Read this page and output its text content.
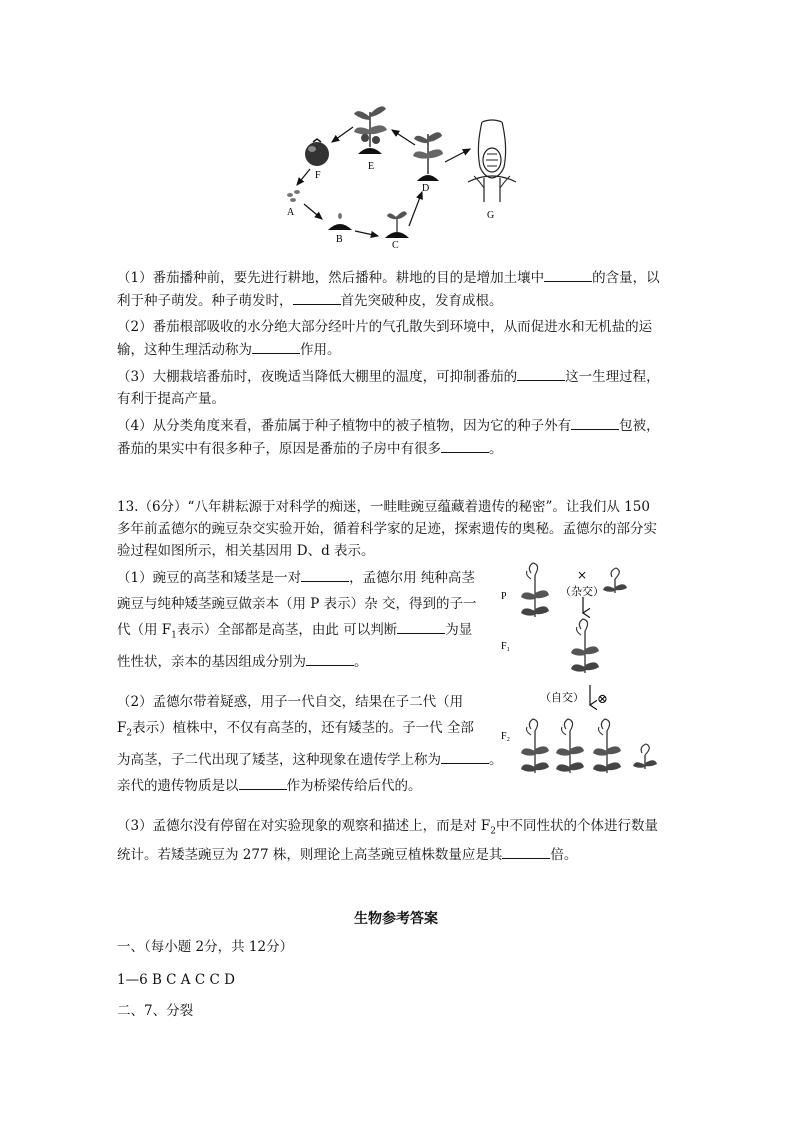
F
E
D
A
B
C
G
（1）番茄播种前，要先进行耕地，然后播种。耕地的目的是增加土壤中	的含量，以
利于种子萌发。种子萌发时，	首先突破种皮，发育成根。
（2）番茄根部吸收的水分绝大部分经叶片的气孔散失到环境中，从而促进水和无机盐的运
输，这种生理活动称为	作用。
（3）大棚栽培番茄时，夜晚适当降低大棚里的温度，可抑制番茄的	这一生理过程，
有利于提高产量。
（4）从分类角度来看，番茄属于种子植物中的被子植物，因为它的种子外有	包被，
番茄的果实中有很多种子，原因是番茄的子房中有很多	。
13.（6分）“八年耕耘源于对科学的痴迷，一畦畦豌豆蕴藏着遗传的秘密”。让我们从 150
多年前孟德尔的豌豆杂交实验开始，循着科学家的足迹，探索遗传的奥秘。孟德尔的部分实
验过程如图所示，相关基因用 D、d 表示。
（1）豌豆的高茎和矮茎是一对	，孟德尔用 纯种高茎
豌豆与纯种矮茎豌豆做亲本（用 P 表示）杂 交，得到的子一
代（用 $F_1$表示）全部都是高茎，由此 可以判断	为显
性性状，亲本的基因组成分别为	。
（2）孟德尔带着疑惑，用子一代自交，结果在子二代（用
$F_2$表示）植株中，不仅有高茎的，还有矮茎的。子一代 全部
为高茎，子二代出现了矮茎，这种现象在遗传学上称为	。
亲代的遗传物质是以	作为桥梁传给后代的。
（3）孟德尔没有停留在对实验现象的观察和描述上，而是对 $F_2$中不同性状的个体进行数量
统计。若矮茎豌豆为 277 株，则理论上高茎豌豆植株数量应是其	倍。
P
F₁
F₂
×
（杂交）
（自交） ⊗
生物参考答案
一、（每小题 2分，共 12分）
1—6 B C A C C D
二、7、分裂
